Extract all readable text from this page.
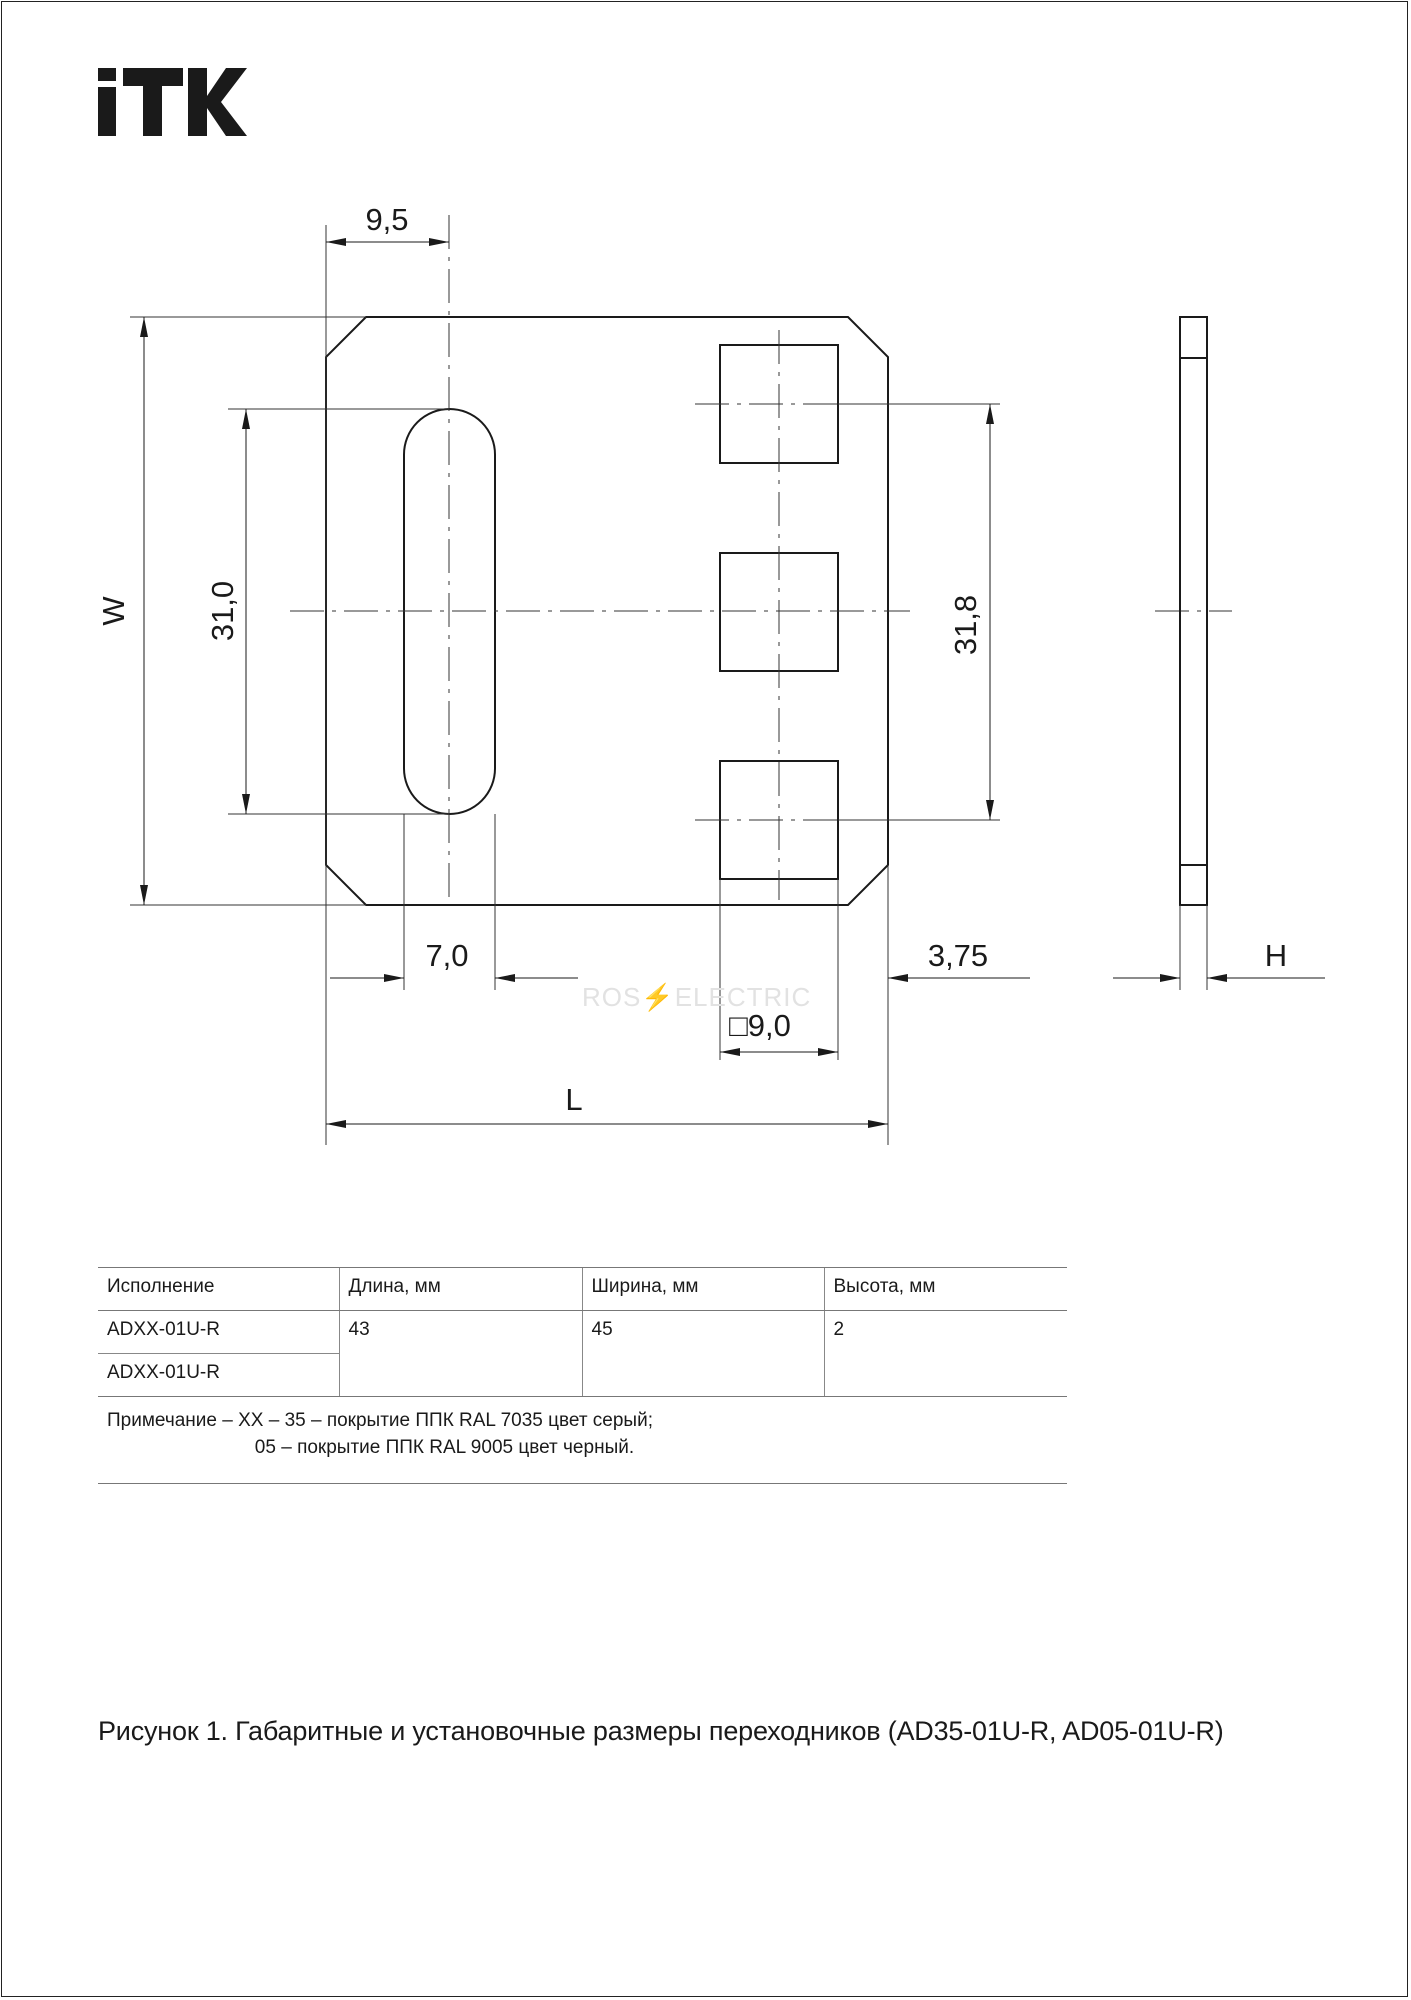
9,5
W 31,0	31,8
7,0	3,75
□9,0
L
H
ROS⚡ELECTRIC
Исполнение	Длина, мм	Ширина, мм	Высота, мм
ADXX-01U-R	43	45	2
ADXX-01U-R			

Примечание – ХХ – 35 – покрытие ППК RAL 7035 цвет серый;
05 – покрытие ППК RAL 9005 цвет черный.			
Рисунок 1. Габаритные и установочные размеры переходников (AD35-01U-R, AD05-01U-R)
